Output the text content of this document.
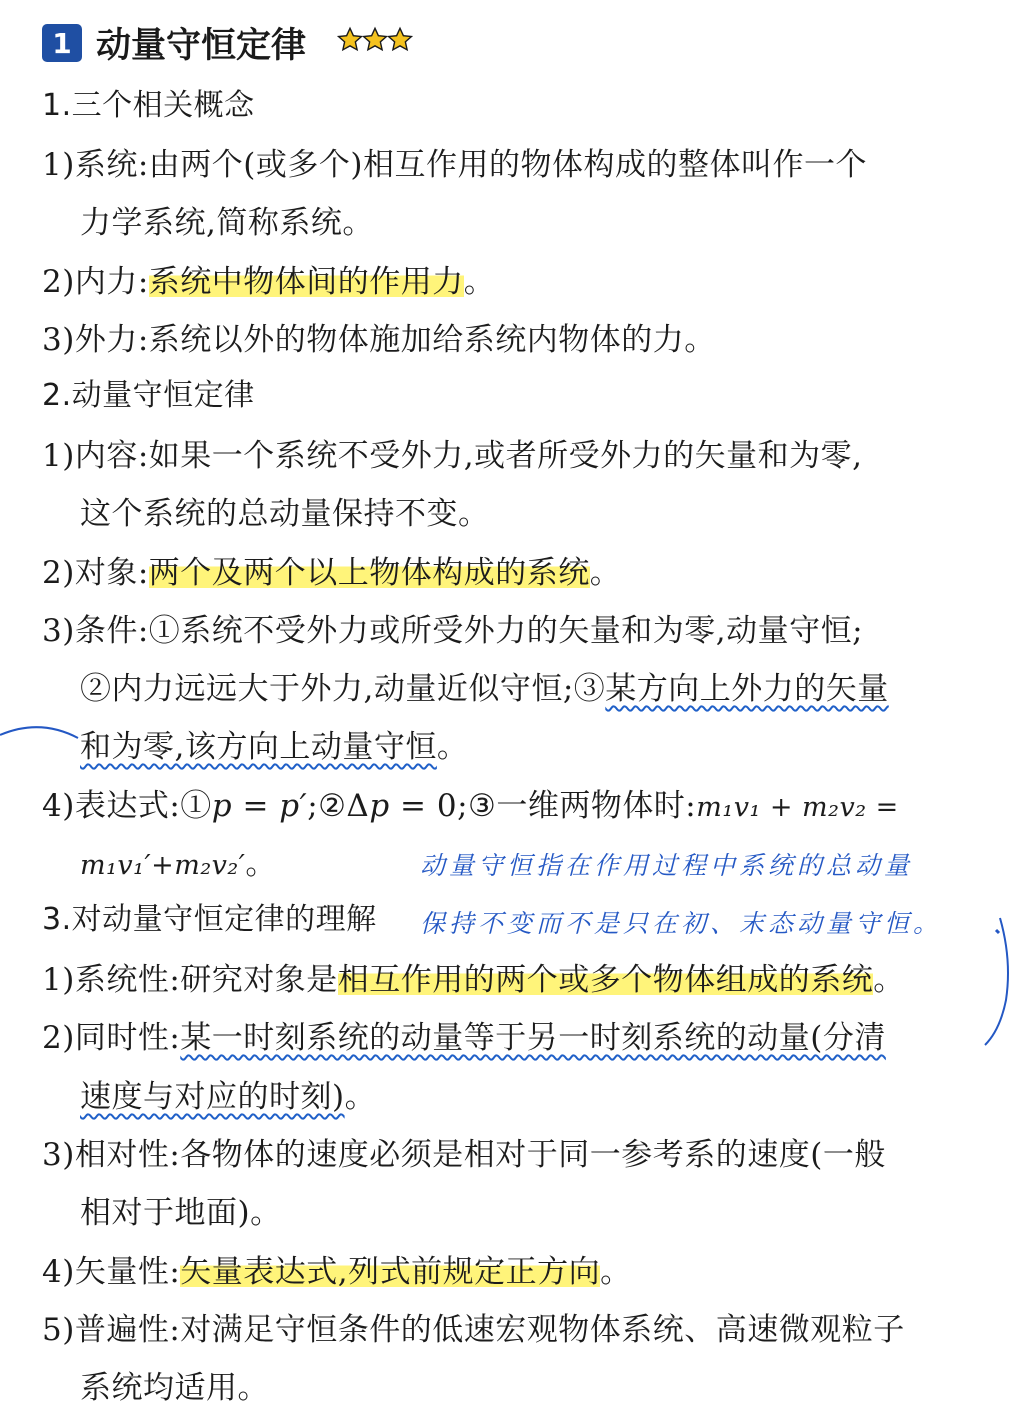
1 动量守恒定律
1.三个相关概念
1)系统:由两个(或多个)相互作用的物体构成的整体叫作一个
力学系统,简称系统。
2)内力:系统中物体间的作用力。
3)外力:系统以外的物体施加给系统内物体的力。
2.动量守恒定律
1)内容:如果一个系统不受外力,或者所受外力的矢量和为零,
这个系统的总动量保持不变。
2)对象:两个及两个以上物体构成的系统。
3)条件:①系统不受外力或所受外力的矢量和为零,动量守恒;
②内力远远大于外力,动量近似守恒;③某方向上外力的矢量
和为零,该方向上动量守恒。
4)表达式:①p = p′;②Δp = 0;③一维两物体时:m₁v₁ + m₂v₂ =
m₁v₁′+m₂v₂′。	动量守恒指在作用过程中系统的总动量
保持不变而不是只在初、末态动量守恒。
3.对动量守恒定律的理解
1)系统性:研究对象是相互作用的两个或多个物体组成的系统。
2)同时性:某一时刻系统的动量等于另一时刻系统的动量(分清
速度与对应的时刻)。
3)相对性:各物体的速度必须是相对于同一参考系的速度(一般
相对于地面)。
4)矢量性:矢量表达式,列式前规定正方向。
5)普遍性:对满足守恒条件的低速宏观物体系统、高速微观粒子
系统均适用。
